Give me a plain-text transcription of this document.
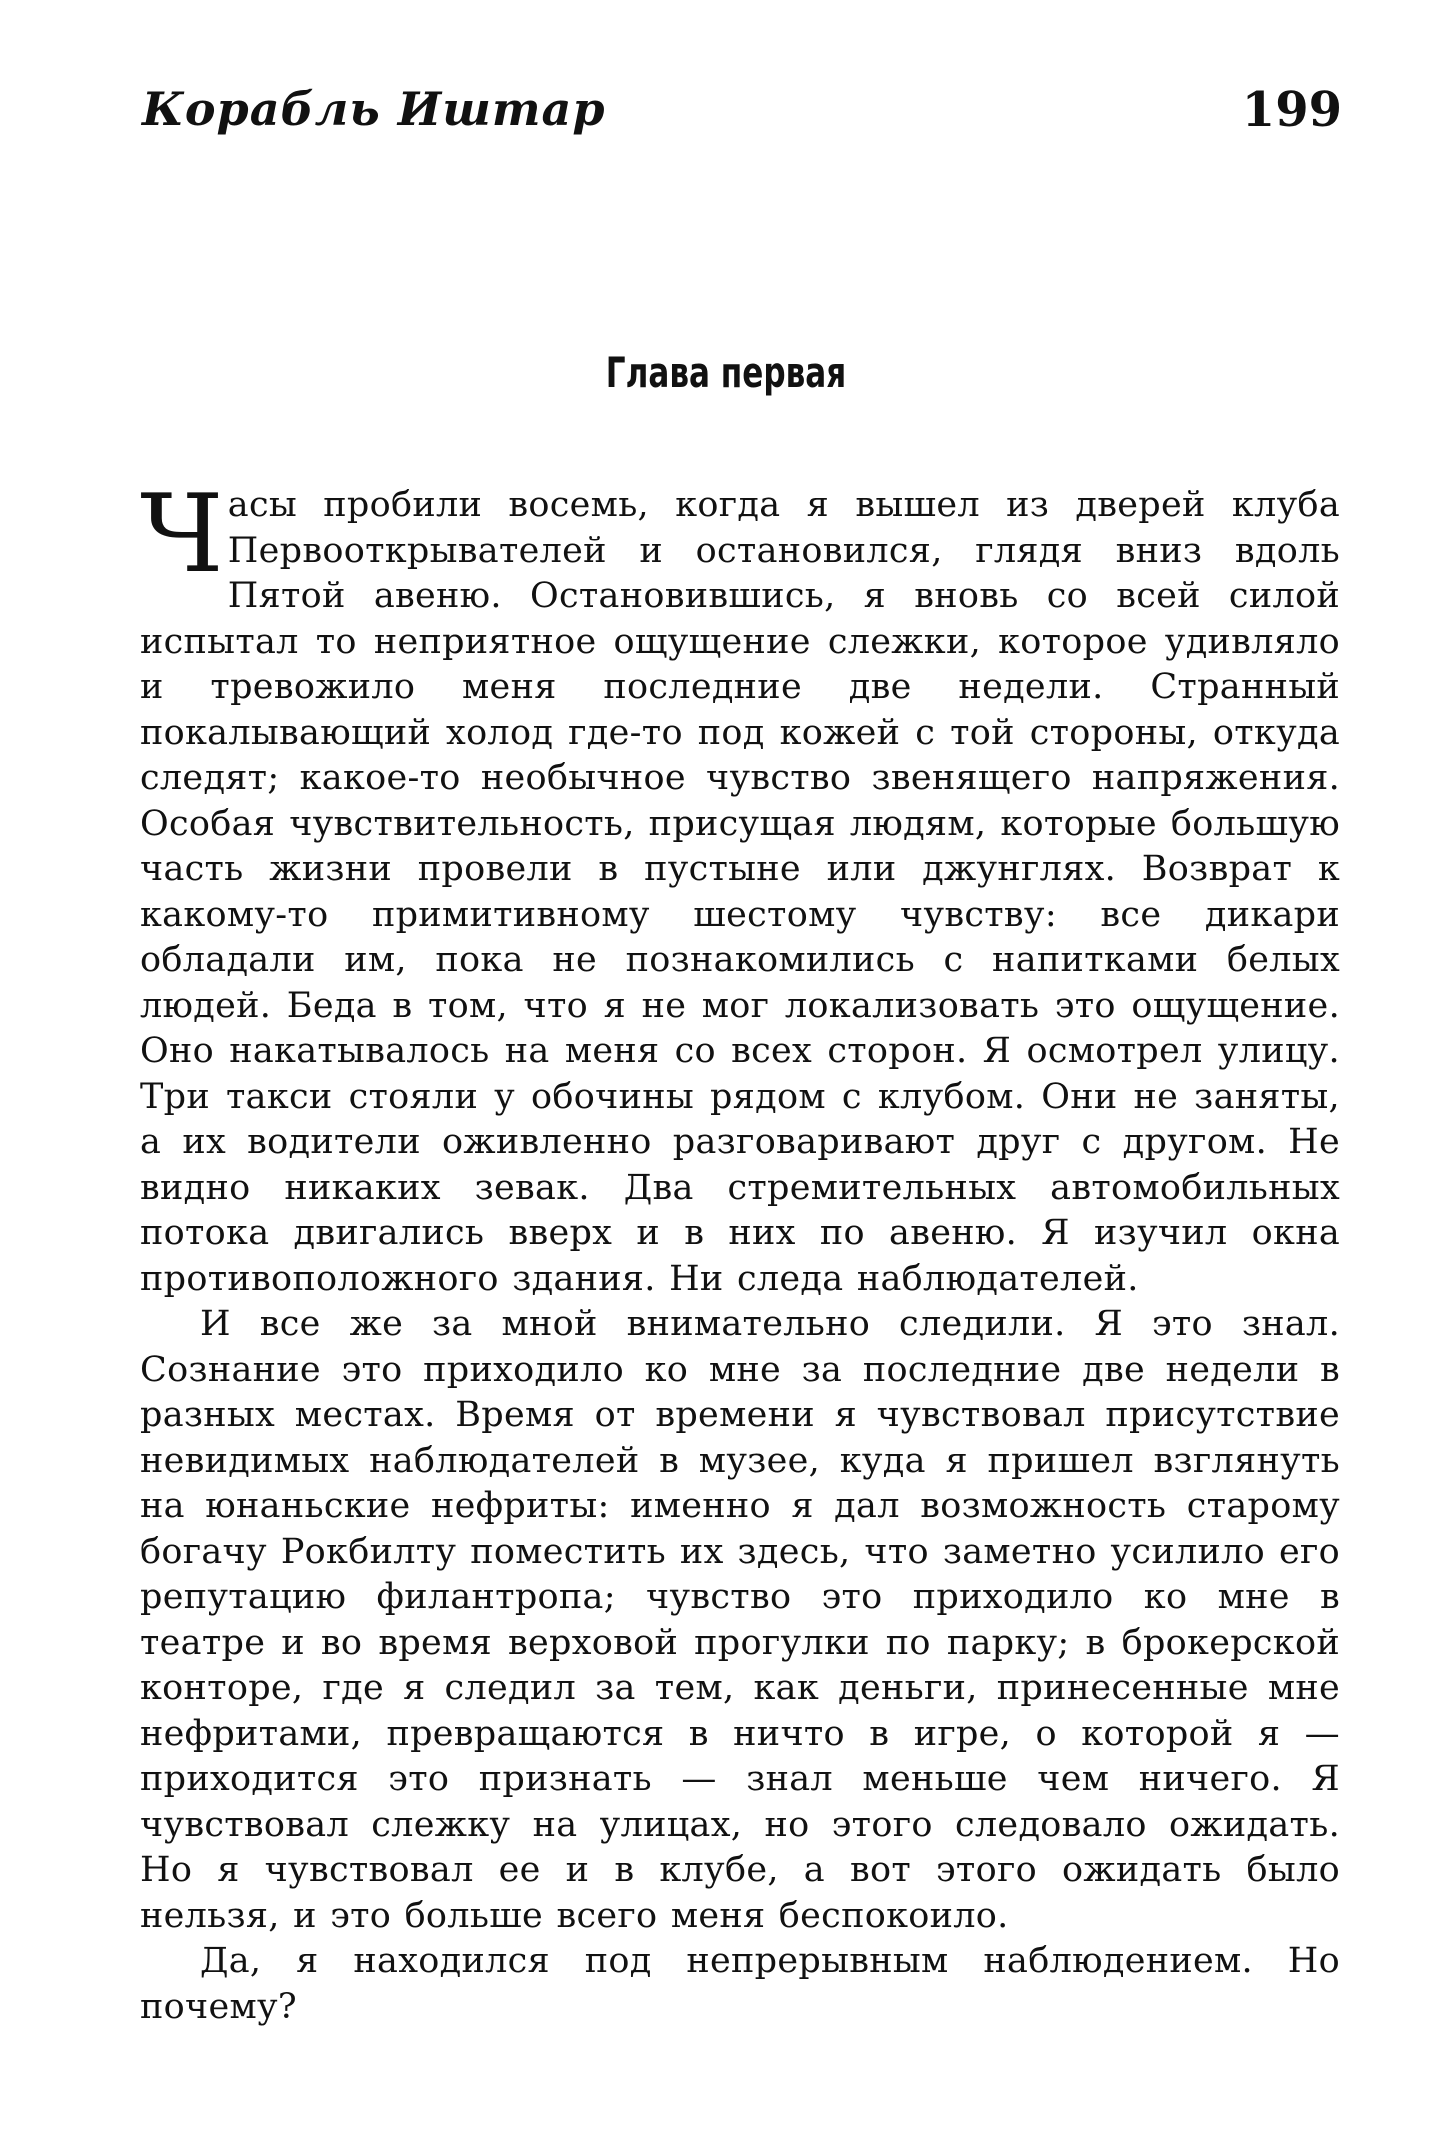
Корабль Иштар	199
Глава первая

Часы пробили восемь, когда я вышел из дверей клуба Первооткрывателей и остановился, глядя вниз вдоль Пятой авеню. Остановившись, я вновь со всей силой испытал то неприятное ощущение слежки, которое удивляло и тревожило меня последние две недели. Странный покалывающий холод где-то под кожей с той стороны, откуда следят; какое-то необычное чувство звенящего напряжения. Особая чувствительность, присущая людям, которые большую часть жизни провели в пустыне или джунглях. Возврат к какому-то примитивному шестому чувству: все дикари обладали им, пока не познакомились с напитками белых людей. Беда в том, что я не мог локализовать это ощущение. Оно накатывалось на меня со всех сторон. Я осмотрел улицу. Три такси стояли у обочины рядом с клубом. Они не заняты, а их водители оживленно разговаривают друг с другом. Не видно никаких зевак. Два стремительных автомобильных потока двигались вверх и в них по авеню. Я изучил окна противоположного здания. Ни следа наблюдателей.

И все же за мной внимательно следили. Я это знал. Сознание это приходило ко мне за последние две недели в разных местах. Время от времени я чувствовал присутствие невидимых наблюдателей в музее, куда я пришел взглянуть на юнаньские нефриты: именно я дал возможность старому богачу Рокбилту поместить их здесь, что заметно усилило его репутацию филантропа; чувство это приходило ко мне в театре и во время верховой прогулки по парку; в брокерской конторе, где я следил за тем, как деньги, принесенные мне нефритами, превращаются в ничто в игре, о которой я — приходится это признать — знал меньше чем ничего. Я чувствовал слежку на улицах, но этого следовало ожидать. Но я чувствовал ее и в клубе, а вот этого ожидать было нельзя, и это больше всего меня беспокоило.

Да, я находился под непрерывным наблюдением. Но почему?
